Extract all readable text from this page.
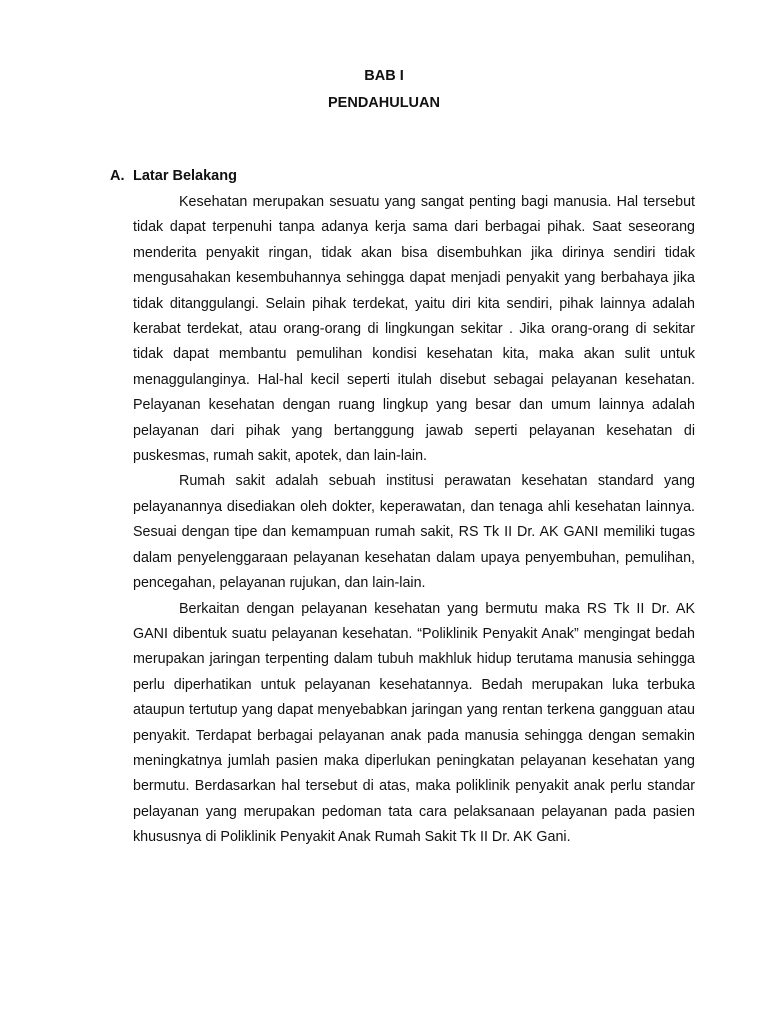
BAB I
PENDAHULUAN
A. Latar Belakang

Kesehatan merupakan sesuatu yang sangat penting bagi manusia. Hal tersebut tidak dapat terpenuhi tanpa adanya kerja sama dari berbagai pihak. Saat seseorang menderita penyakit ringan, tidak akan bisa disembuhkan jika dirinya sendiri tidak mengusahakan kesembuhannya sehingga dapat menjadi penyakit yang berbahaya jika tidak ditanggulangi. Selain pihak terdekat, yaitu diri kita sendiri, pihak lainnya adalah kerabat terdekat, atau orang-orang di lingkungan sekitar . Jika orang-orang di sekitar tidak dapat membantu pemulihan kondisi kesehatan kita, maka akan sulit untuk menaggulanginya. Hal-hal kecil seperti itulah disebut sebagai pelayanan kesehatan. Pelayanan kesehatan dengan ruang lingkup yang besar dan umum lainnya adalah pelayanan dari pihak yang bertanggung jawab seperti pelayanan kesehatan di puskesmas, rumah sakit, apotek, dan lain-lain.

Rumah sakit adalah sebuah institusi perawatan kesehatan standard yang pelayanannya disediakan oleh dokter, keperawatan, dan tenaga ahli kesehatan lainnya. Sesuai dengan tipe dan kemampuan rumah sakit, RS Tk II Dr. AK GANI memiliki tugas dalam penyelenggaraan pelayanan kesehatan dalam upaya penyembuhan, pemulihan, pencegahan, pelayanan rujukan, dan lain-lain.

Berkaitan dengan pelayanan kesehatan yang bermutu maka RS Tk II Dr. AK GANI dibentuk suatu pelayanan kesehatan. “Poliklinik Penyakit Anak” mengingat bedah merupakan jaringan terpenting dalam tubuh makhluk hidup terutama manusia sehingga perlu diperhatikan untuk pelayanan kesehatannya. Bedah merupakan luka terbuka ataupun tertutup yang dapat menyebabkan jaringan yang rentan terkena gangguan atau penyakit. Terdapat berbagai pelayanan anak pada manusia sehingga dengan semakin meningkatnya jumlah pasien maka diperlukan peningkatan pelayanan kesehatan yang bermutu. Berdasarkan hal tersebut di atas, maka poliklinik penyakit anak perlu standar pelayanan yang merupakan pedoman tata cara pelaksanaan pelayanan pada pasien khususnya di Poliklinik Penyakit Anak Rumah Sakit Tk II Dr. AK Gani.
